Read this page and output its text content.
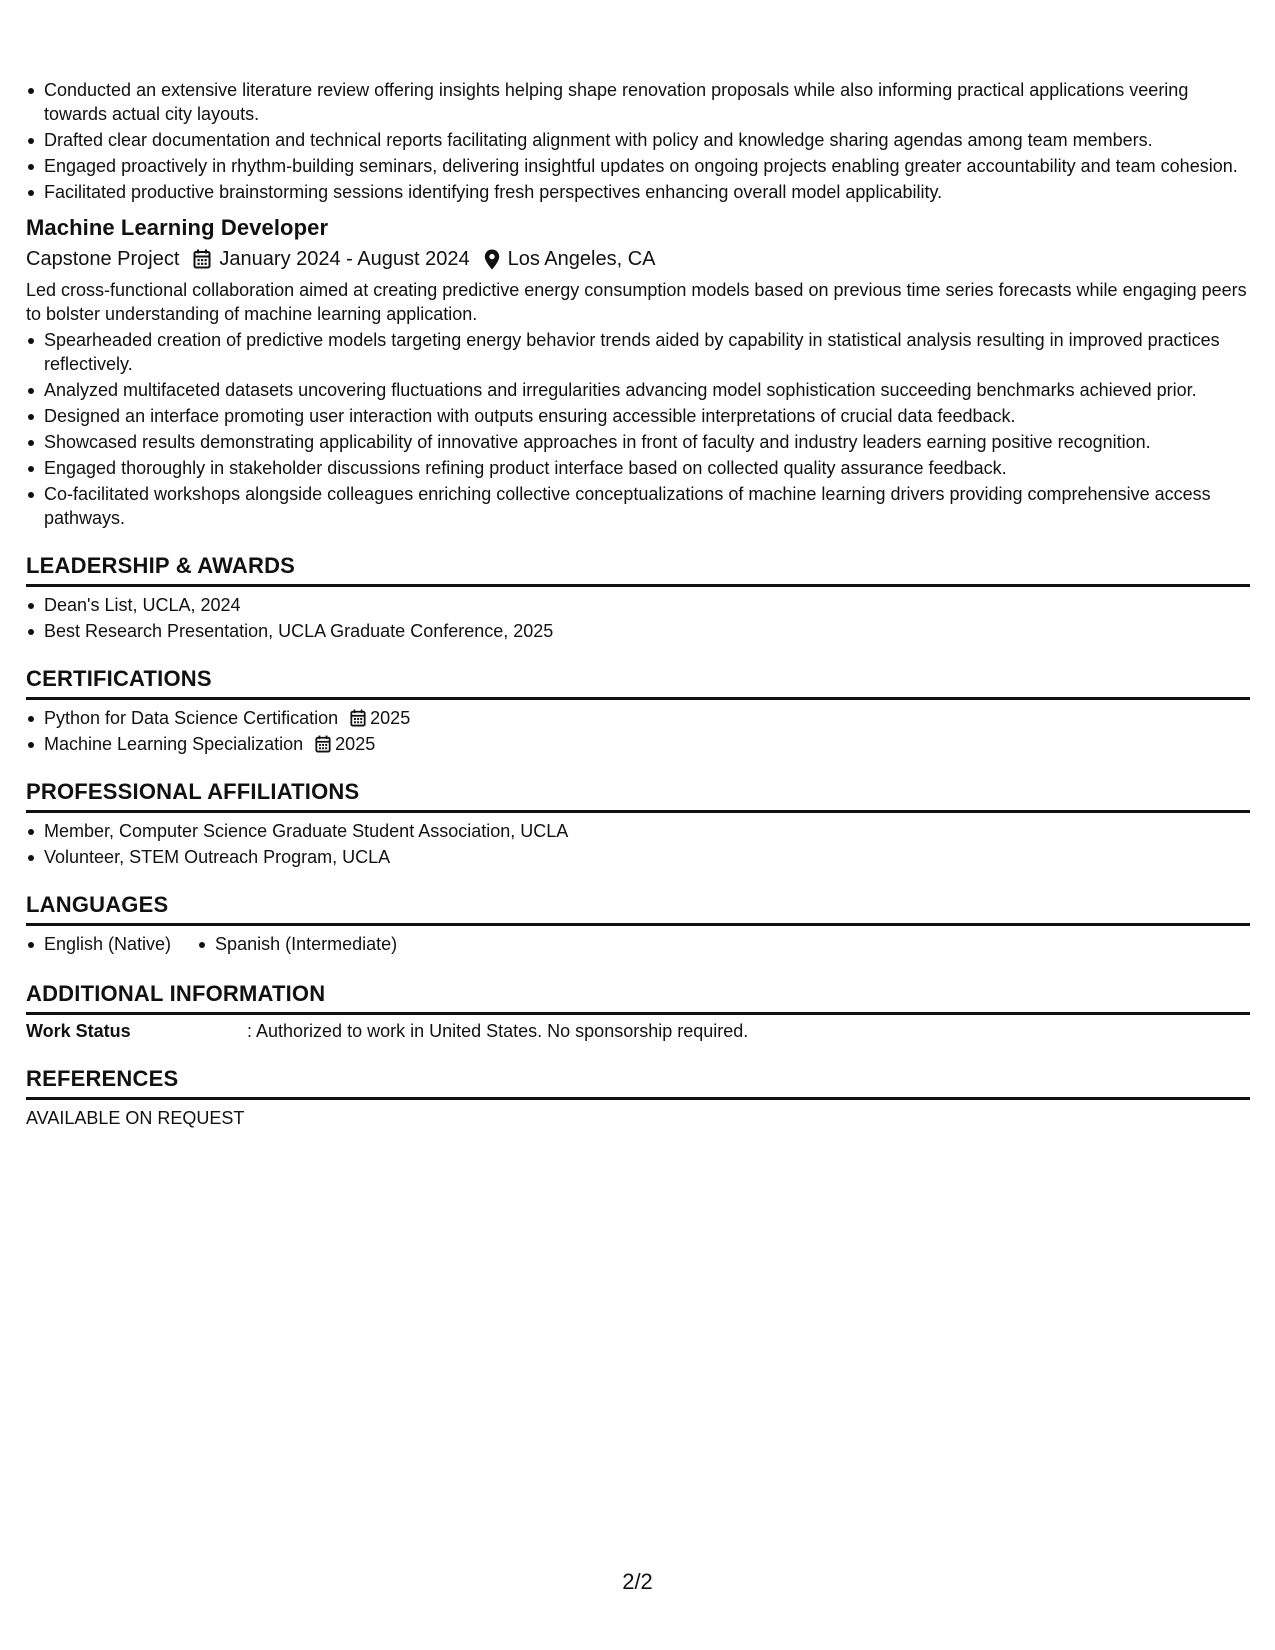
Conducted an extensive literature review offering insights helping shape renovation proposals while also informing practical applications veering towards actual city layouts.
Drafted clear documentation and technical reports facilitating alignment with policy and knowledge sharing agendas among team members.
Engaged proactively in rhythm-building seminars, delivering insightful updates on ongoing projects enabling greater accountability and team cohesion.
Facilitated productive brainstorming sessions identifying fresh perspectives enhancing overall model applicability.
Machine Learning Developer
Capstone Project January 2024 - August 2024 Los Angeles, CA
Led cross-functional collaboration aimed at creating predictive energy consumption models based on previous time series forecasts while engaging peers to bolster understanding of machine learning application.
Spearheaded creation of predictive models targeting energy behavior trends aided by capability in statistical analysis resulting in improved practices reflectively.
Analyzed multifaceted datasets uncovering fluctuations and irregularities advancing model sophistication succeeding benchmarks achieved prior.
Designed an interface promoting user interaction with outputs ensuring accessible interpretations of crucial data feedback.
Showcased results demonstrating applicability of innovative approaches in front of faculty and industry leaders earning positive recognition.
Engaged thoroughly in stakeholder discussions refining product interface based on collected quality assurance feedback.
Co-facilitated workshops alongside colleagues enriching collective conceptualizations of machine learning drivers providing comprehensive access pathways.
LEADERSHIP & AWARDS
Dean's List, UCLA, 2024
Best Research Presentation, UCLA Graduate Conference, 2025
CERTIFICATIONS
Python for Data Science Certification 2025
Machine Learning Specialization 2025
PROFESSIONAL AFFILIATIONS
Member, Computer Science Graduate Student Association, UCLA
Volunteer, STEM Outreach Program, UCLA
LANGUAGES
English (Native) Spanish (Intermediate)
ADDITIONAL INFORMATION
Work Status	: Authorized to work in United States. No sponsorship required.
REFERENCES
AVAILABLE ON REQUEST
2/2
